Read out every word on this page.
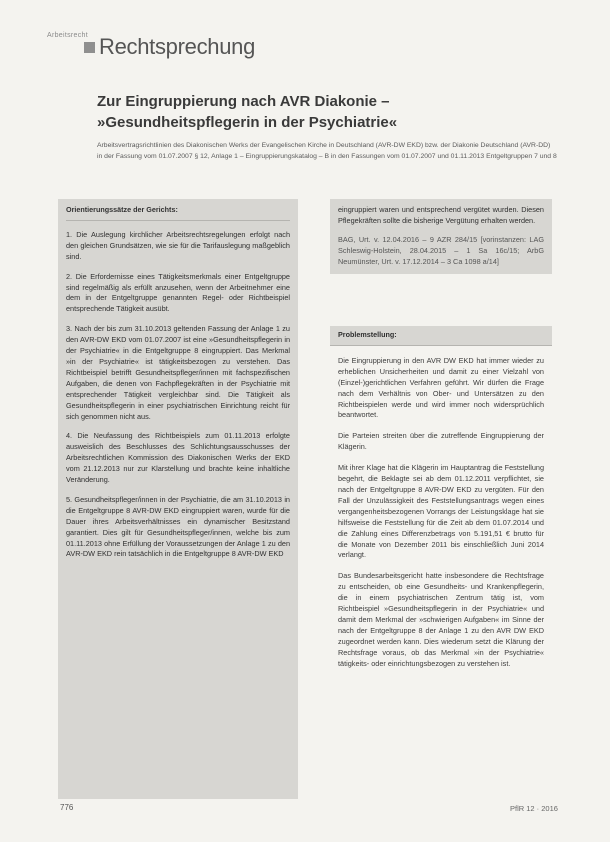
Arbeitsrecht Rechtsprechung
Zur Eingruppierung nach AVR Diakonie –
»Gesundheitspflegerin in der Psychiatrie«
Arbeitsvertragsrichtlinien des Diakonischen Werks der Evangelischen Kirche in Deutschland (AVR-DW EKD) bzw. der Diakonie Deutschland (AVR-DD) in der Fassung vom 01.07.2007 § 12, Anlage 1 – Eingruppierungskatalog – B in den Fassungen vom 01.07.2007 und 01.11.2013 Entgeltgruppen 7 und 8
Orientierungssätze der Gerichts:

1. Die Auslegung kirchlicher Arbeitsrechtsregelungen erfolgt nach den gleichen Grundsätzen, wie sie für die Tarifauslegung maßgeblich sind.

2. Die Erfordernisse eines Tätigkeitsmerkmals einer Entgeltgruppe sind regelmäßig als erfüllt anzusehen, wenn der Arbeitnehmer eine dem in der Entgeltgruppe genannten Regel- oder Richtbeispiel entsprechende Tätigkeit ausübt.

3. Nach der bis zum 31.10.2013 geltenden Fassung der Anlage 1 zu den AVR-DW EKD vom 01.07.2007 ist eine »Gesundheitspflegerin in der Psychiatrie« in die Entgeltgruppe 8 eingruppiert. Das Merkmal »in der Psychiatrie« ist tätigkeitsbezogen zu verstehen. Das Richtbeispiel betrifft Gesundheitspfleger/innen mit fachspezifischen Aufgaben, die denen von Fachpflegekräften in der Psychiatrie mit entsprechender Tätigkeit vergleichbar sind. Die Tätigkeit als Gesundheitspflegerin in einer psychiatrischen Einrichtung reicht für sich genommen nicht aus.

4. Die Neufassung des Richtbeispiels zum 01.11.2013 erfolgte ausweislich des Beschlusses des Schlichtungsausschusses der Arbeitsrechtlichen Kommission des Diakonischen Werks der EKD vom 21.12.2013 nur zur Klarstellung und brachte keine inhaltliche Veränderung.

5. Gesundheitspfleger/innen in der Psychiatrie, die am 31.10.2013 in die Entgeltgruppe 8 AVR-DW EKD eingruppiert waren, wurde für die Dauer ihres Arbeitsverhältnisses ein dynamischer Besitzstand garantiert. Dies gilt für Gesundheitspfleger/innen, welche bis zum 01.11.2013 ohne Erfüllung der Voraussetzungen der Anlage 1 zu den AVR-DW EKD rein tatsächlich in die Entgeltgruppe 8 AVR-DW EKD

eingruppiert waren und entsprechend vergütet wurden. Diesen Pflegekräften sollte die bisherige Vergütung erhalten werden.

BAG, Urt. v. 12.04.2016 – 9 AZR 284/15 [vorinstanzen: LAG Schleswig-Holstein, 28.04.2015 – 1 Sa 16c/15; ArbG Neumünster, Urt. v. 17.12.2014 – 3 Ca 1098 a/14]

Problemstellung:

Die Eingruppierung in den AVR DW EKD hat immer wieder zu erheblichen Unsicherheiten und damit zu einer Vielzahl von (Einzel-)gerichtlichen Verfahren geführt. Wir dürfen die Frage nach dem Verhältnis von Ober- und Untersätzen zu den Richtbeispielen werde und wird immer noch widersprüchlich beantwortet.

Die Parteien streiten über die zutreffende Eingruppierung der Klägerin.

Mit ihrer Klage hat die Klägerin im Hauptantrag die Feststellung begehrt, die Beklagte sei ab dem 01.12.2011 verpflichtet, sie nach der Entgeltgruppe 8 AVR-DW EKD zu vergüten. Für den Fall der Unzulässigkeit des Feststellungsantrags wegen eines vergangenheitsbezogenen Vorrangs der Leistungsklage hat sie hilfsweise die Feststellung für die Zeit ab dem 01.07.2014 und die Zahlung eines Differenzbetrags von 5.191,51 € brutto für die Monate von Dezember 2011 bis einschließlich Juni 2014 verlangt.

Das Bundesarbeitsgericht hatte insbesondere die Rechtsfrage zu entscheiden, ob eine Gesundheits- und Krankenpflegerin, die in einem psychiatrischen Zentrum tätig ist, vom Richtbeispiel »Gesundheitspflegerin in der Psychiatrie« und damit dem Merkmal der »schwierigen Aufgaben« im Sinne der nach der Entgeltgruppe 8 der Anlage 1 zu den AVR DW EKD zugeordnet werden kann. Dies wiederum setzt die Klärung der Rechtsfrage voraus, ob das Merkmal »in der Psychiatrie« tätigkeits- oder einrichtungsbezogen zu verstehen ist.

776	PflR 12 · 2016
